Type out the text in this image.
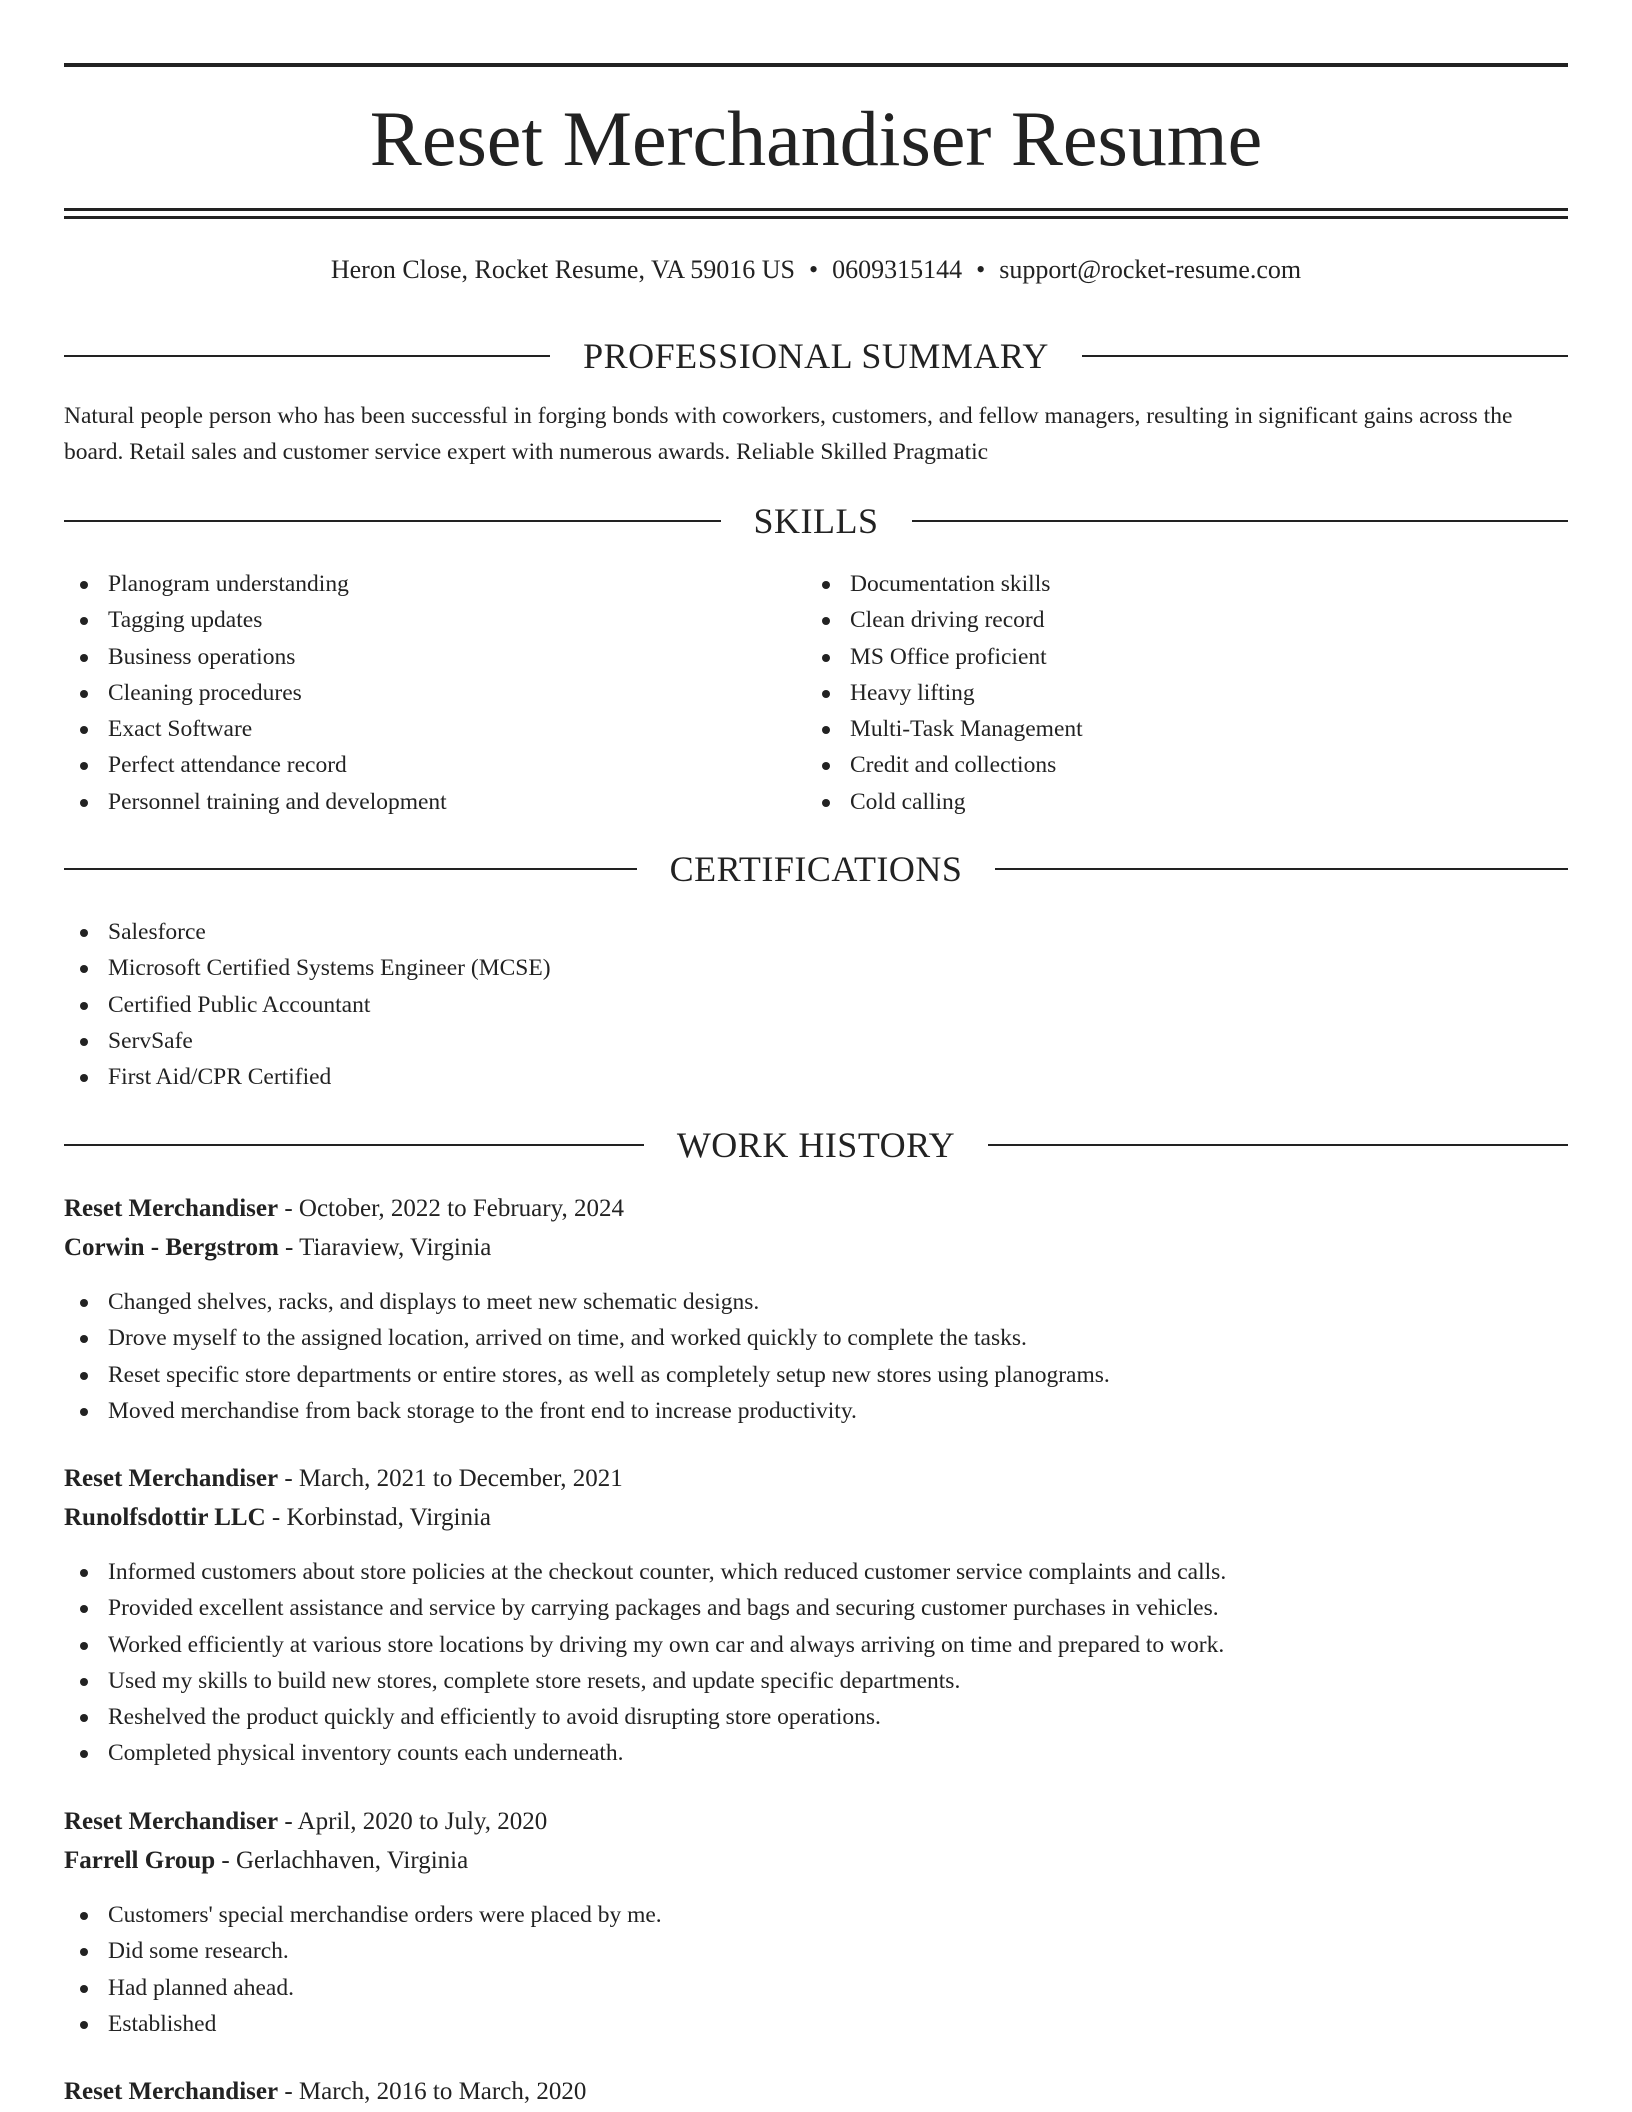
Reset Merchandiser Resume
Heron Close, Rocket Resume, VA 59016 US • 0609315144 • support@rocket-resume.com
PROFESSIONAL SUMMARY
Natural people person who has been successful in forging bonds with coworkers, customers, and fellow managers, resulting in significant gains across the board. Retail sales and customer service expert with numerous awards. Reliable Skilled Pragmatic
SKILLS
Planogram understanding
Tagging updates
Business operations
Cleaning procedures
Exact Software
Perfect attendance record
Personnel training and development
Documentation skills
Clean driving record
MS Office proficient
Heavy lifting
Multi-Task Management
Credit and collections
Cold calling
CERTIFICATIONS
Salesforce
Microsoft Certified Systems Engineer (MCSE)
Certified Public Accountant
ServSafe
First Aid/CPR Certified
WORK HISTORY
Reset Merchandiser - October, 2022 to February, 2024
Corwin - Bergstrom - Tiaraview, Virginia
Changed shelves, racks, and displays to meet new schematic designs.
Drove myself to the assigned location, arrived on time, and worked quickly to complete the tasks.
Reset specific store departments or entire stores, as well as completely setup new stores using planograms.
Moved merchandise from back storage to the front end to increase productivity.
Reset Merchandiser - March, 2021 to December, 2021
Runolfsdottir LLC - Korbinstad, Virginia
Informed customers about store policies at the checkout counter, which reduced customer service complaints and calls.
Provided excellent assistance and service by carrying packages and bags and securing customer purchases in vehicles.
Worked efficiently at various store locations by driving my own car and always arriving on time and prepared to work.
Used my skills to build new stores, complete store resets, and update specific departments.
Reshelved the product quickly and efficiently to avoid disrupting store operations.
Completed physical inventory counts each underneath.
Reset Merchandiser - April, 2020 to July, 2020
Farrell Group - Gerlachhaven, Virginia
Customers' special merchandise orders were placed by me.
Did some research.
Had planned ahead.
Established
Reset Merchandiser - March, 2016 to March, 2020
